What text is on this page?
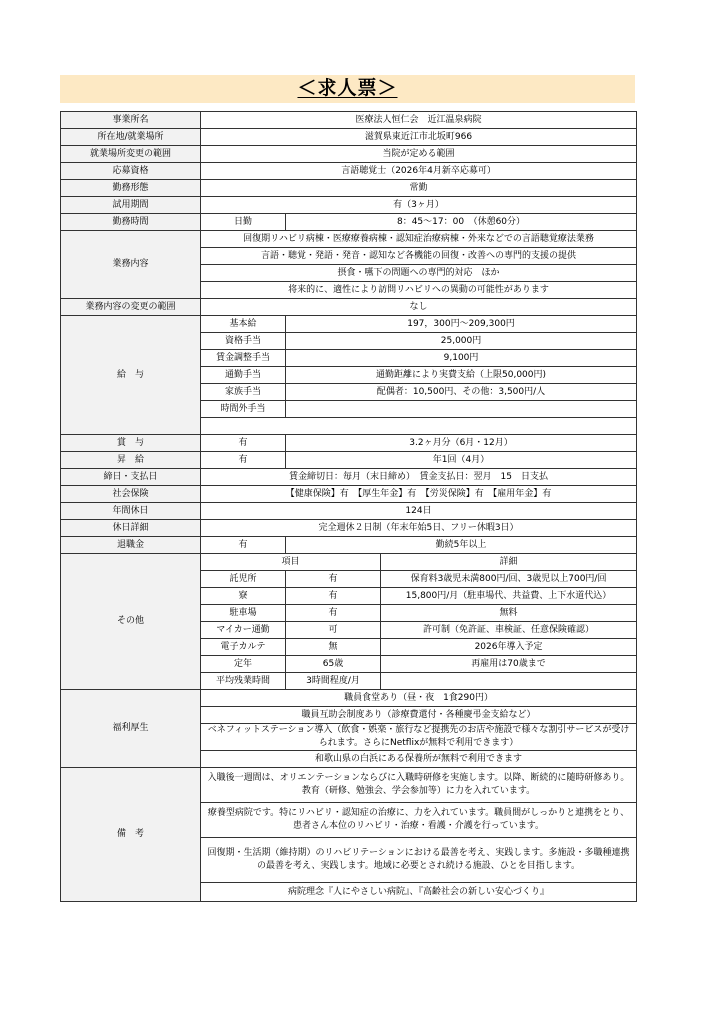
＜求人票＞
事業所名	医療法人恒仁会　近江温泉病院		
所在地/就業場所	滋賀県東近江市北坂町966		
就業場所変更の範囲	当院が定める範囲		
応募資格	言語聴覚士（2026年4月新卒応募可）		
勤務形態	常勤		
試用期間	有（3ヶ月）		
勤務時間	日勤	8：45～17：00　（休憩60分）	
業務内容	回復期リハビリ病棟・医療療養病棟・認知症治療病棟・外来などでの言語聴覚療法業務		
	言語・聴覚・発語・発音・認知など各機能の回復・改善への専門的支援の提供		
	摂食・嚥下の問題への専門的対応　ほか		
	将来的に、適性により訪問リハビリへの異動の可能性があります		
業務内容の変更の範囲	なし		
給　与	基本給	197，300円～209,300円	
	資格手当	25,000円	
	賃金調整手当	9,100円	
	通勤手当	通勤距離により実費支給（上限50,000円)	
	家族手当	配偶者：10,500円、その他：3,500円/人	
	時間外手当		

賞　与	有	3.2ヶ月分（6月・12月）	
昇　給	有	年1回（4月）	
締日・支払日	賃金締切日：毎月（末日締め）　賃金支払日：翌月　15　日支払		
社会保険	【健康保険】有　【厚生年金】有　【労災保険】有　【雇用年金】有		
年間休日	124日		
休日詳細	完全週休２日制（年末年始5日、フリー休暇3日）		
退職金	有	勤続5年以上	
その他	項目		詳細
	託児所	有	保育料3歳児未満800円/回、3歳児以上700円/回
	寮	有	15,800円/月（駐車場代、共益費、上下水道代込）
	駐車場	有	無料
	マイカー通勤	可	許可制（免許証、車検証、任意保険確認）
	電子カルテ	無	2026年導入予定
	定年	65歳	再雇用は70歳まで
	平均残業時間	3時間程度/月	
福利厚生	職員食堂あり（昼・夜　1食290円）		
	職員互助会制度あり（診療費還付・各種慶弔金支給など）		
	ベネフィットステーション導入（飲食・娯楽・旅行など提携先のお店や施設で様々な割引サービスが受けられます。さらにNetflixが無料で利用できます）		
	和歌山県の白浜にある保養所が無料で利用できます		
備　考	入職後一週間は、オリエンテーションならびに入職時研修を実施します。以降、断続的に随時研修あり。教育（研修、勉強会、学会参加等）に力を入れています。		
	療養型病院です。特にリハビリ・認知症の治療に、力を入れています。職員間がしっかりと連携をとり、患者さん本位のリハビリ・治療・看護・介護を行っています。		
	回復期・生活期（維持期）のリハビリテーションにおける最善を考え、実践します。多施設・多職種連携の最善を考え、実践します。地域に必要とされ続ける施設、ひとを目指します。		
	病院理念『人にやさしい病院』、『高齢社会の新しい安心づくり』		
